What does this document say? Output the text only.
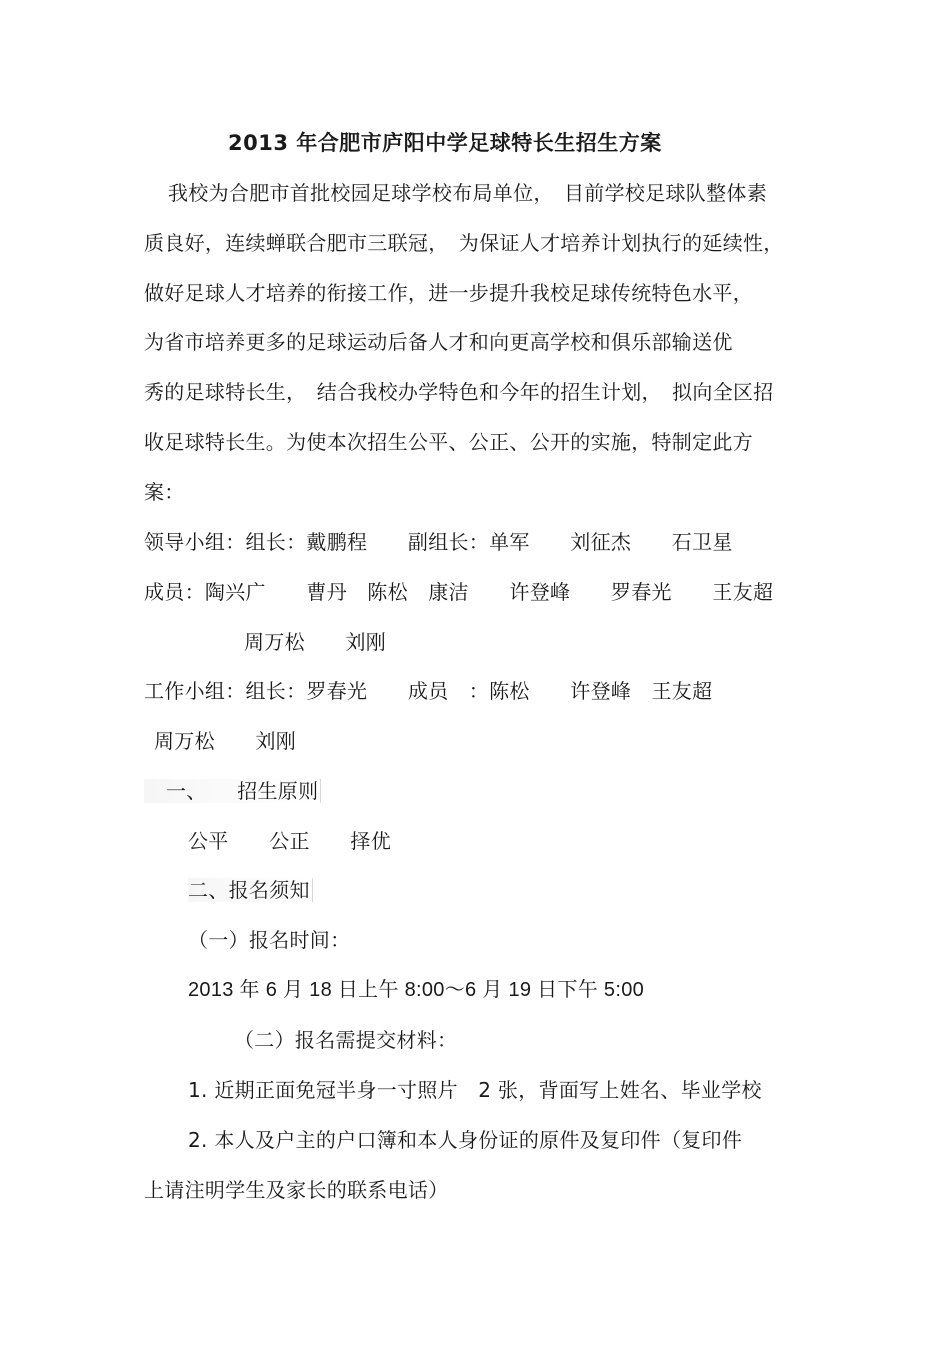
2013 年合肥市庐阳中学足球特长生招生方案
我校为合肥市首批校园足球学校布局单位，　目前学校足球队整体素
质良好，连续蝉联合肥市三联冠，　为保证人才培养计划执行的延续性，
做好足球人才培养的衔接工作，进一步提升我校足球传统特色水平，
为省市培养更多的足球运动后备人才和向更高学校和俱乐部输送优
秀的足球特长生，　结合我校办学特色和今年的招生计划，　拟向全区招
收足球特长生。为使本次招生公平、公正、公开的实施，特制定此方
案：
领导小组：组长：戴鹏程　　副组长：单军　　刘征杰　　石卫星
成员：陶兴广　　曹丹　陈松　康洁　　许登峰　　罗春光　　王友超
周万松　　刘刚
工作小组：组长：罗春光　　成员　：陈松　　许登峰　王友超
周万松　　刘刚
一、　　招生原则
公平　　公正　　择优
二、报名须知
（一）报名时间：
2013 年 6 月 18 日上午 8:00～6 月 19 日下午 5:00
（二）报名需提交材料：
1. 近期正面免冠半身一寸照片　2 张，背面写上姓名、毕业学校
2. 本人及户主的户口簿和本人身份证的原件及复印件（复印件
上请注明学生及家长的联系电话）
